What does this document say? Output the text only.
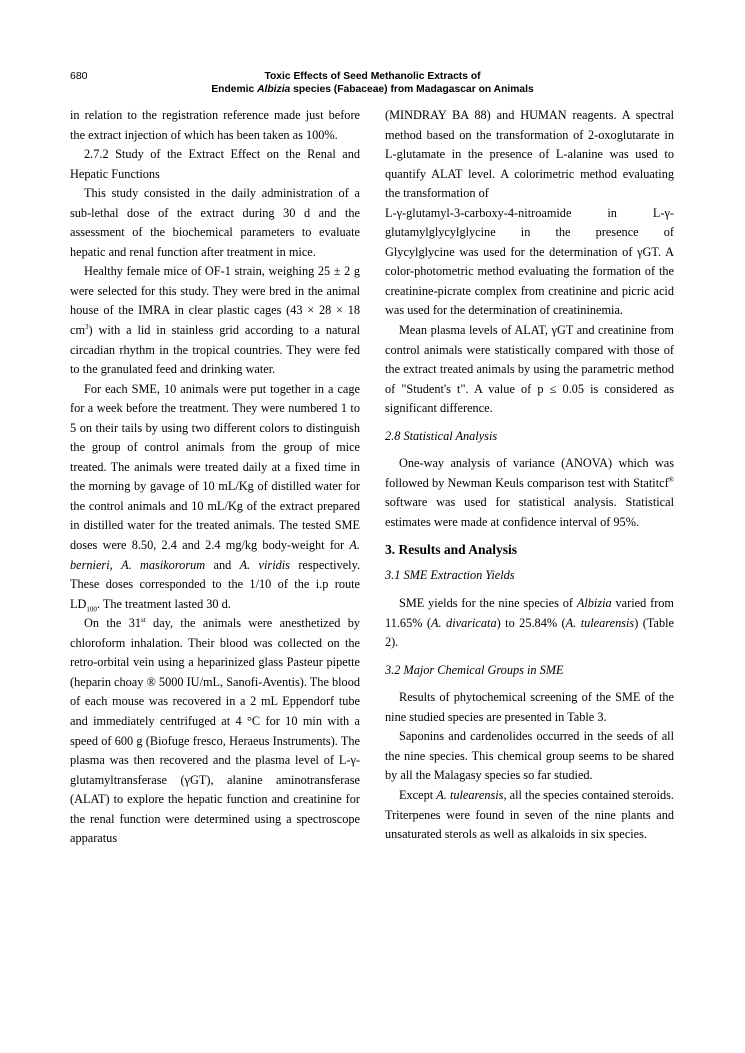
680	Toxic Effects of Seed Methanolic Extracts of
Endemic Albizia species (Fabaceae) from Madagascar on Animals

in relation to the registration reference made just before the extract injection of which has been taken as 100%.

2.7.2 Study of the Extract Effect on the Renal and Hepatic Functions

This study consisted in the daily administration of a sub-lethal dose of the extract during 30 d and the assessment of the biochemical parameters to evaluate hepatic and renal function after treatment in mice.

Healthy female mice of OF-1 strain, weighing 25 ± 2 g were selected for this study. They were bred in the animal house of the IMRA in clear plastic cages (43 × 28 × 18 $cm^3$) with a lid in stainless grid according to a natural circadian rhythm in the tropical countries. They were fed to the granulated feed and drinking water.

For each SME, 10 animals were put together in a cage for a week before the treatment. They were numbered 1 to 5 on their tails by using two different colors to distinguish the group of control animals from the group of mice treated. The animals were treated daily at a fixed time in the morning by gavage of 10 mL/Kg of distilled water for the control animals and 10 mL/Kg of the extract prepared in distilled water for the treated animals. The tested SME doses were 8.50, 2.4 and 2.4 mg/kg body-weight for A. bernieri, A. masikororum and A. viridis respectively. These doses corresponded to the 1/10 of the i.p route $LD_{100}$. The treatment lasted 30 d.

On the 31st day, the animals were anesthetized by chloroform inhalation. Their blood was collected on the retro-orbital vein using a heparinized glass Pasteur pipette (heparin choay ® 5000 IU/mL, Sanofi-Aventis). The blood of each mouse was recovered in a 2 mL Eppendorf tube and immediately centrifuged at 4 °C for 10 min with a speed of 600 g (Biofuge fresco, Heraeus Instruments). The plasma was then recovered and the plasma level of L-γ-glutamyltransferase (γGT), alanine aminotransferase (ALAT) to explore the hepatic function and creatinine for the renal function were determined using a spectroscope apparatus

(MINDRAY BA 88) and HUMAN reagents. A spectral method based on the transformation of 2-oxoglutarate in L-glutamate in the presence of L-alanine was used to quantify ALAT level. A colorimetric method evaluating the transformation of
L-γ-glutamyl-3-carboxy-4-nitroamide in L-γ-glutamylglycylglycine in the presence of
Glycylglycine was used for the determination of γGT. A color-photometric method evaluating the formation of the creatinine-picrate complex from creatinine and picric acid was used for the determination of creatininemia.

Mean plasma levels of ALAT, γGT and creatinine from control animals were statistically compared with those of the extract treated animals by using the parametric method of "Student's t". A value of p ≤ 0.05 is considered as significant difference.

2.8 Statistical Analysis

One-way analysis of variance (ANOVA) which was followed by Newman Keuls comparison test with Statitcf® software was used for statistical analysis. Statistical estimates were made at confidence interval of 95%.

3. Results and Analysis

3.1 SME Extraction Yields

SME yields for the nine species of Albizia varied from 11.65% (A. divaricata) to 25.84% (A. tulearensis) (Table 2).

3.2 Major Chemical Groups in SME

Results of phytochemical screening of the SME of the nine studied species are presented in Table 3.

Saponins and cardenolides occurred in the seeds of all the nine species. This chemical group seems to be shared by all the Malagasy species so far studied.

Except A. tulearensis, all the species contained steroids. Triterpenes were found in seven of the nine plants and unsaturated sterols as well as alkaloids in six species.
